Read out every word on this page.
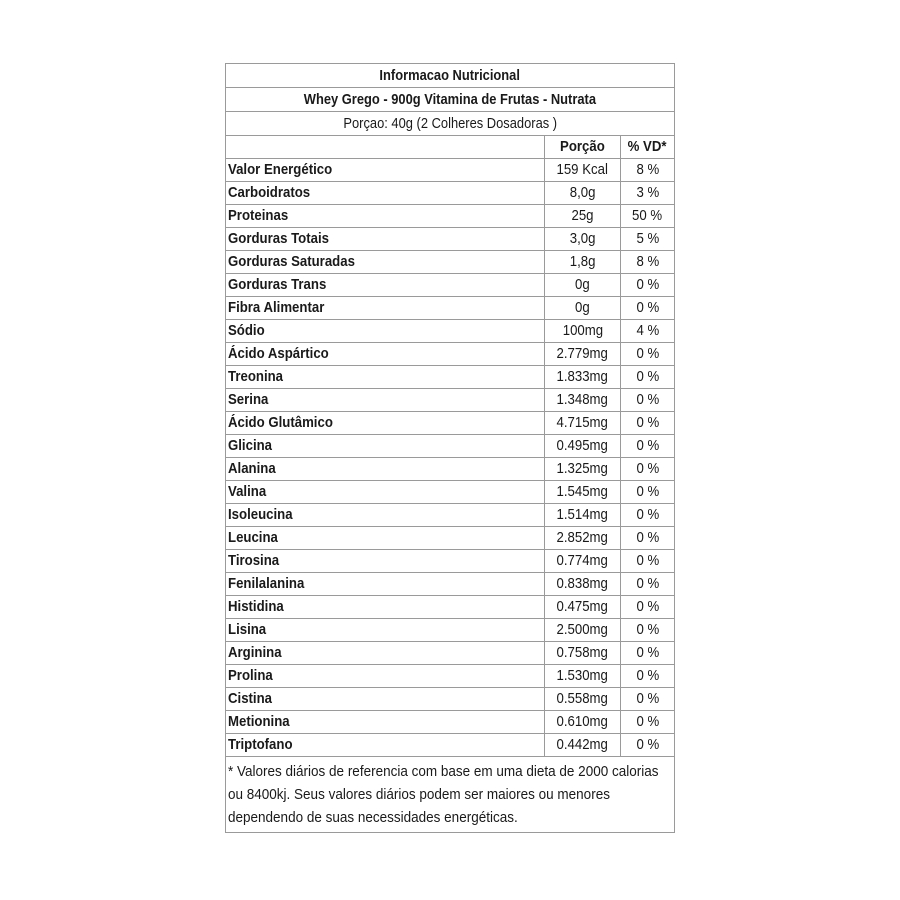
Informacao Nutricional
Whey Grego - 900g Vitamina de Frutas - Nutrata
Porçao: 40g (2 Colheres Dosadoras )
	Porção	% VD*
Valor Energético	159 Kcal	8 %
Carboidratos	8,0g	3 %
Proteinas	25g	50 %
Gorduras Totais	3,0g	5 %
Gorduras Saturadas	1,8g	8 %
Gorduras Trans	0g	0 %
Fibra Alimentar	0g	0 %
Sódio	100mg	4 %
Ácido Aspártico	2.779mg	0 %
Treonina	1.833mg	0 %
Serina	1.348mg	0 %
Ácido Glutâmico	4.715mg	0 %
Glicina	0.495mg	0 %
Alanina	1.325mg	0 %
Valina	1.545mg	0 %
Isoleucina	1.514mg	0 %
Leucina	2.852mg	0 %
Tirosina	0.774mg	0 %
Fenilalanina	0.838mg	0 %
Histidina	0.475mg	0 %
Lisina	2.500mg	0 %
Arginina	0.758mg	0 %
Prolina	1.530mg	0 %
Cistina	0.558mg	0 %
Metionina	0.610mg	0 %
Triptofano	0.442mg	0 %
* Valores diários de referencia com base em uma dieta de 2000 calorias ou 8400kj. Seus valores diários podem ser maiores ou menores dependendo de suas necessidades energéticas.
